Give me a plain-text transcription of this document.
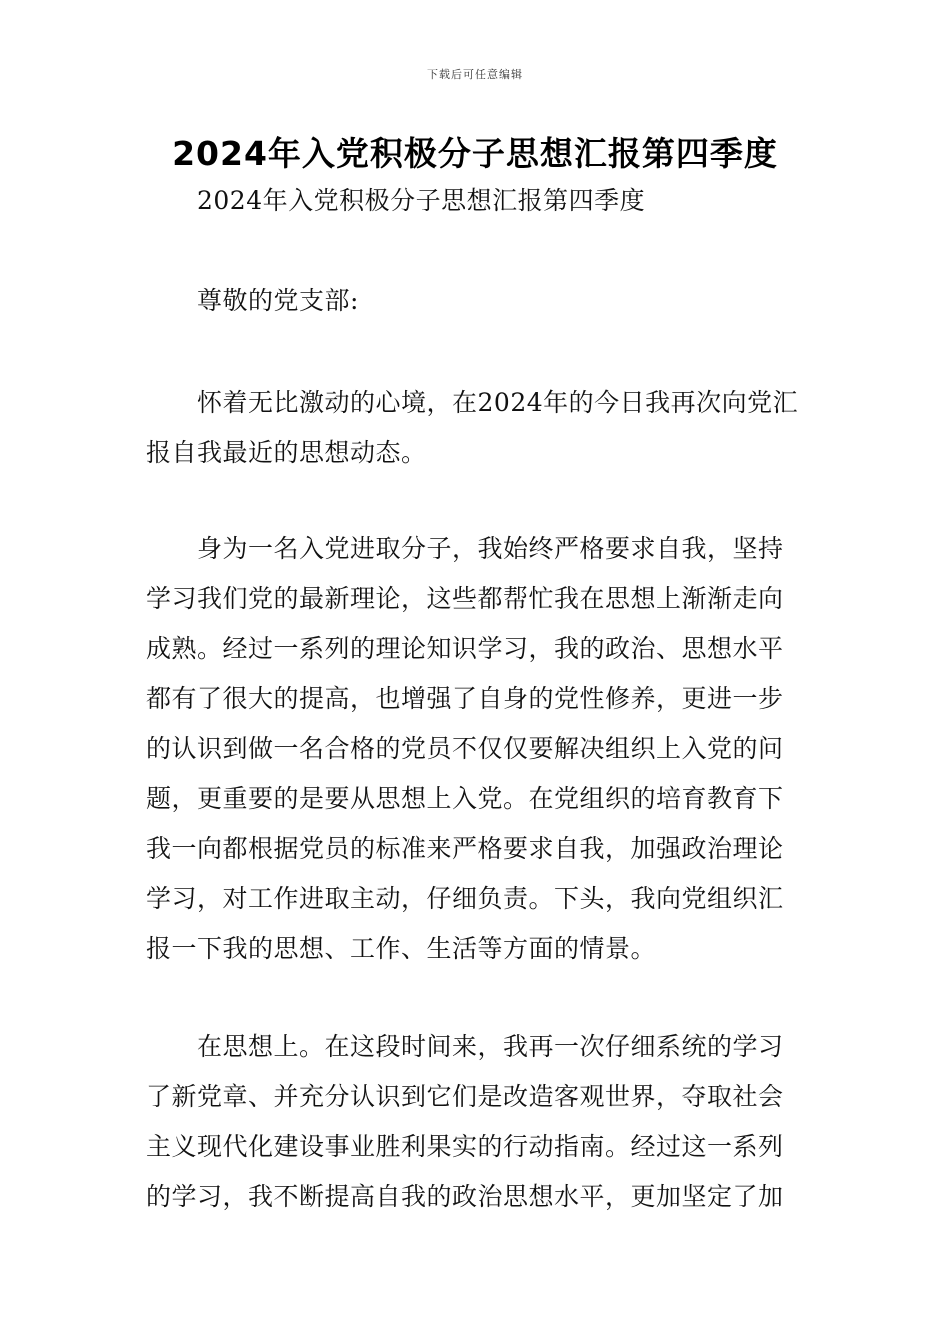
下载后可任意编辑
2024年入党积极分子思想汇报第四季度
2024年入党积极分子思想汇报第四季度
尊敬的党支部:

怀着无比激动的心境，在2024年的今日我再次向党汇报自我最近的思想动态。

身为一名入党进取分子，我始终严格要求自我，坚持学习我们党的最新理论，这些都帮忙我在思想上渐渐走向成熟。经过一系列的理论知识学习，我的政治、思想水平都有了很大的提高，也增强了自身的党性修养，更进一步的认识到做一名合格的党员不仅仅要解决组织上入党的问题，更重要的是要从思想上入党。在党组织的培育教育下我一向都根据党员的标准来严格要求自我，加强政治理论学习，对工作进取主动，仔细负责。下头，我向党组织汇报一下我的思想、工作、生活等方面的情景。

在思想上。在这段时间来，我再一次仔细系统的学习了新党章、并充分认识到它们是改造客观世界，夺取社会主义现代化建设事业胜利果实的行动指南。经过这一系列的学习，我不断提高自我的政治思想水平，更加坚定了加
